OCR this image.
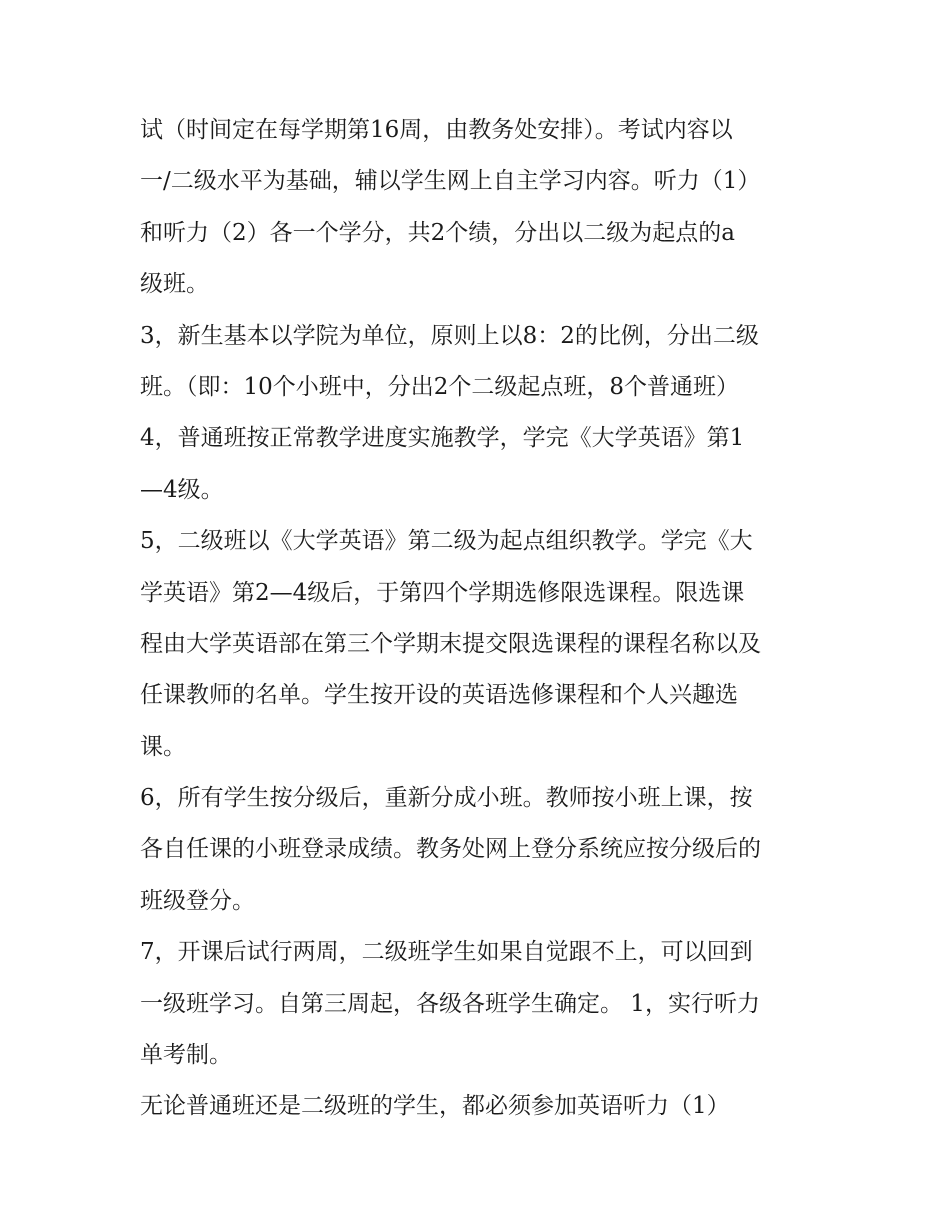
试（时间定在每学期第16周，由教务处安排）。考试内容以
一/二级水平为基础，辅以学生网上自主学习内容。听力（1）
和听力（2）各一个学分，共2个绩，分出以二级为起点的a
级班。
3，新生基本以学院为单位，原则上以8：2的比例，分出二级
班。（即：10个小班中，分出2个二级起点班，8个普通班）
4，普通班按正常教学进度实施教学，学完《大学英语》第1
—4级。
5，二级班以《大学英语》第二级为起点组织教学。学完《大
学英语》第2—4级后，于第四个学期选修限选课程。限选课
程由大学英语部在第三个学期末提交限选课程的课程名称以及
任课教师的名单。学生按开设的英语选修课程和个人兴趣选
课。
6，所有学生按分级后，重新分成小班。教师按小班上课，按
各自任课的小班登录成绩。教务处网上登分系统应按分级后的
班级登分。
7，开课后试行两周，二级班学生如果自觉跟不上，可以回到
一级班学习。自第三周起，各级各班学生确定。 1，实行听力
单考制。
无论普通班还是二级班的学生，都必须参加英语听力（1）
